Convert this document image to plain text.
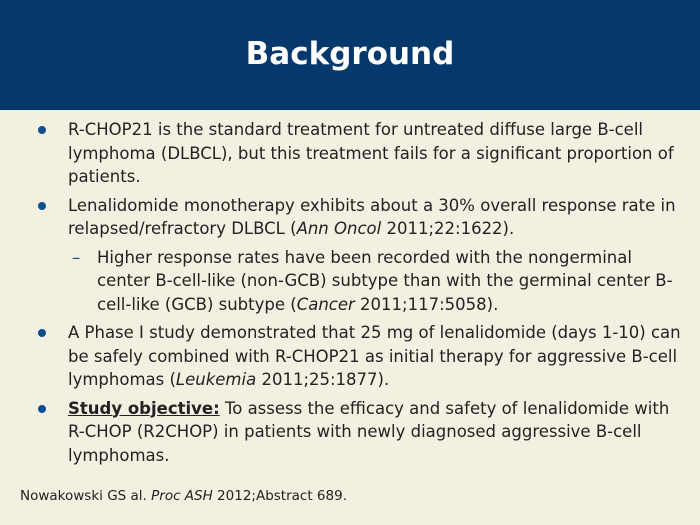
Background
R-CHOP21 is the standard treatment for untreated diffuse large B-cell lymphoma (DLBCL), but this treatment fails for a significant proportion of patients.
Lenalidomide monotherapy exhibits about a 30% overall response rate in relapsed/refractory DLBCL (Ann Oncol 2011;22:1622).
– Higher response rates have been recorded with the nongerminal center B-cell-like (non-GCB) subtype than with the germinal center B-cell-like (GCB) subtype (Cancer 2011;117:5058).
A Phase I study demonstrated that 25 mg of lenalidomide (days 1-10) can be safely combined with R-CHOP21 as initial therapy for aggressive B-cell lymphomas (Leukemia 2011;25:1877).
Study objective: To assess the efficacy and safety of lenalidomide with R-CHOP (R2CHOP) in patients with newly diagnosed aggressive B-cell lymphomas.
Nowakowski GS al. Proc ASH 2012;Abstract 689.
